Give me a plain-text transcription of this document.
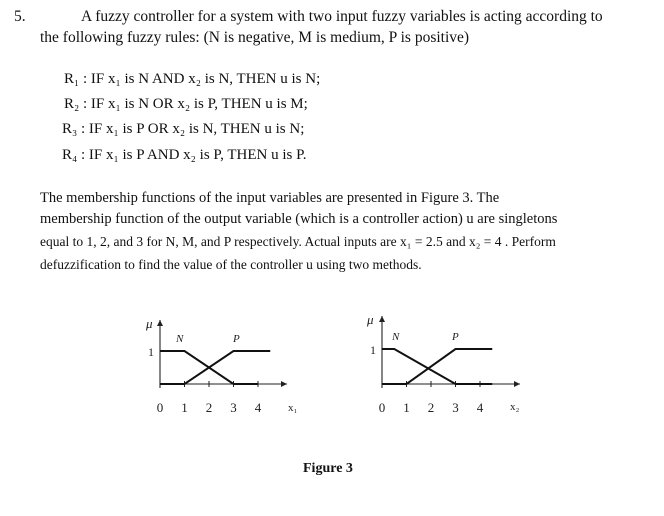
5.	A fuzzy controller for a system with two input fuzzy variables is acting according to
the following fuzzy rules: (N is negative, M is medium, P is positive)
R₁ : IF x₁ is N AND x₂ is N, THEN u is N;
R₂ : IF x₁ is N OR x₂ is P, THEN u is M;
R₃ : IF x₁ is P OR x₂ is N, THEN u is N;
R₄ : IF x₁ is P AND x₂ is P, THEN u is P.
The membership functions of the input variables are presented in Figure 3. The
membership function of the output variable (which is a controller action) u are singletons
equal to 1, 2, and 3 for N, M, and P respectively. Actual inputs are x₁ = 2.5 and x₂ = 4 . Perform
defuzzification to find the value of the controller u using two methods.
μ
1
0 1 2 3 4 x₁
N	P
μ
1
0 1 2 3 4 x₂
N	P
Figure 3
